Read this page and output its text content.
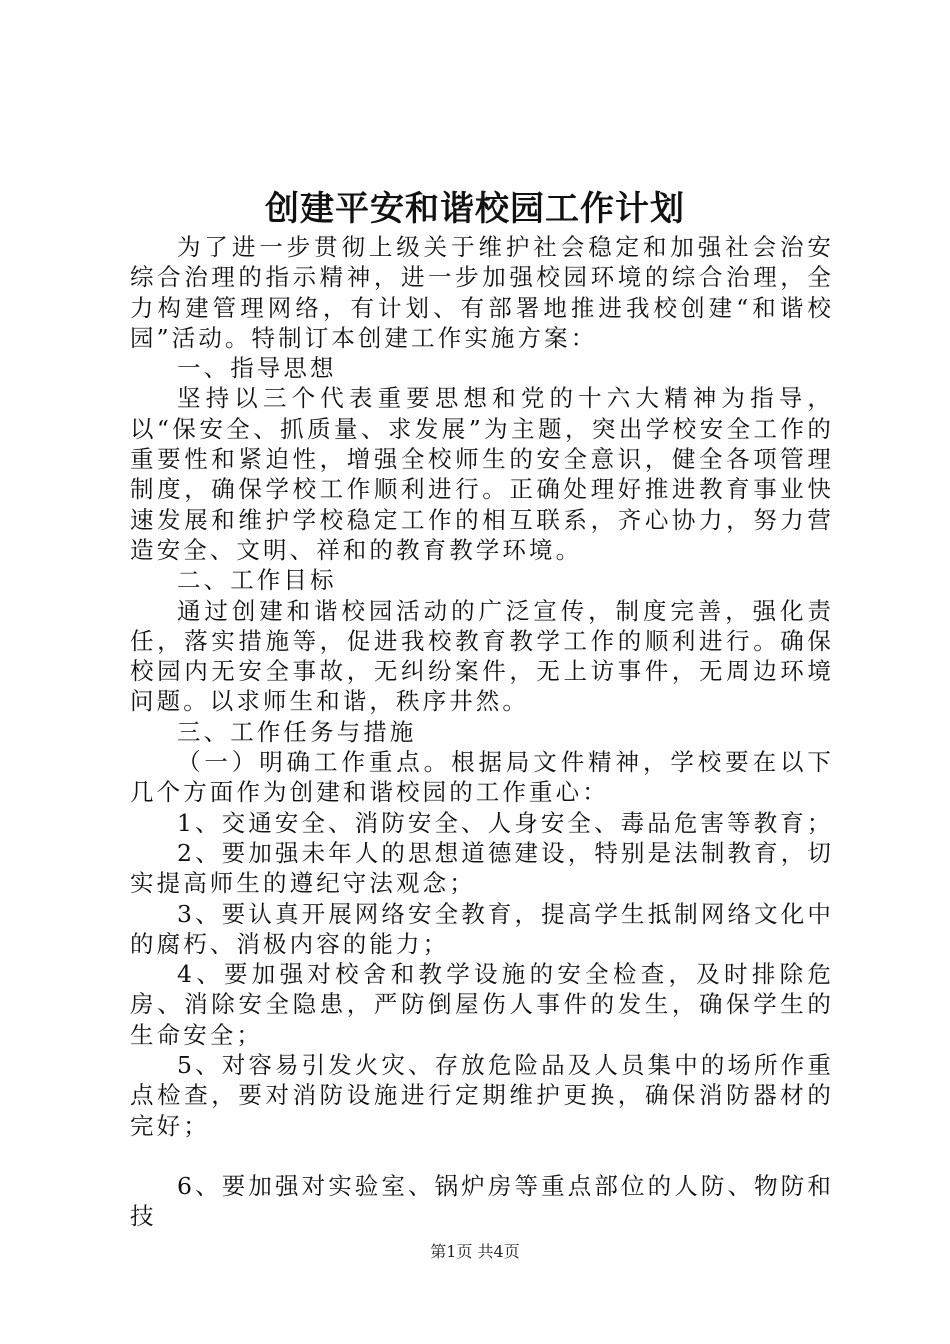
创建平安和谐校园工作计划

为了进一步贯彻上级关于维护社会稳定和加强社会治安综合治理的指示精神，进一步加强校园环境的综合治理，全力构建管理网络，有计划、有部署地推进我校创建“和谐校园”活动。特制订本创建工作实施方案：

一、指导思想

坚持以三个代表重要思想和党的十六大精神为指导，以“保安全、抓质量、求发展”为主题，突出学校安全工作的重要性和紧迫性，增强全校师生的安全意识，健全各项管理制度，确保学校工作顺利进行。正确处理好推进教育事业快速发展和维护学校稳定工作的相互联系，齐心协力，努力营造安全、文明、祥和的教育教学环境。

二、工作目标

通过创建和谐校园活动的广泛宣传，制度完善，强化责任，落实措施等，促进我校教育教学工作的顺利进行。确保校园内无安全事故，无纠纷案件，无上访事件，无周边环境问题。以求师生和谐，秩序井然。

三、工作任务与措施

（一）明确工作重点。根据局文件精神，学校要在以下几个方面作为创建和谐校园的工作重心：

1、交通安全、消防安全、人身安全、毒品危害等教育；

2、要加强未年人的思想道德建设，特别是法制教育，切实提高师生的遵纪守法观念；

3、要认真开展网络安全教育，提高学生抵制网络文化中的腐朽、消极内容的能力；

4、要加强对校舍和教学设施的安全检查，及时排除危房、消除安全隐患，严防倒屋伤人事件的发生，确保学生的生命安全；

5、对容易引发火灾、存放危险品及人员集中的场所作重点检查，要对消防设施进行定期维护更换，确保消防器材的完好；

6、要加强对实验室、锅炉房等重点部位的人防、物防和技

第1页 共4页
